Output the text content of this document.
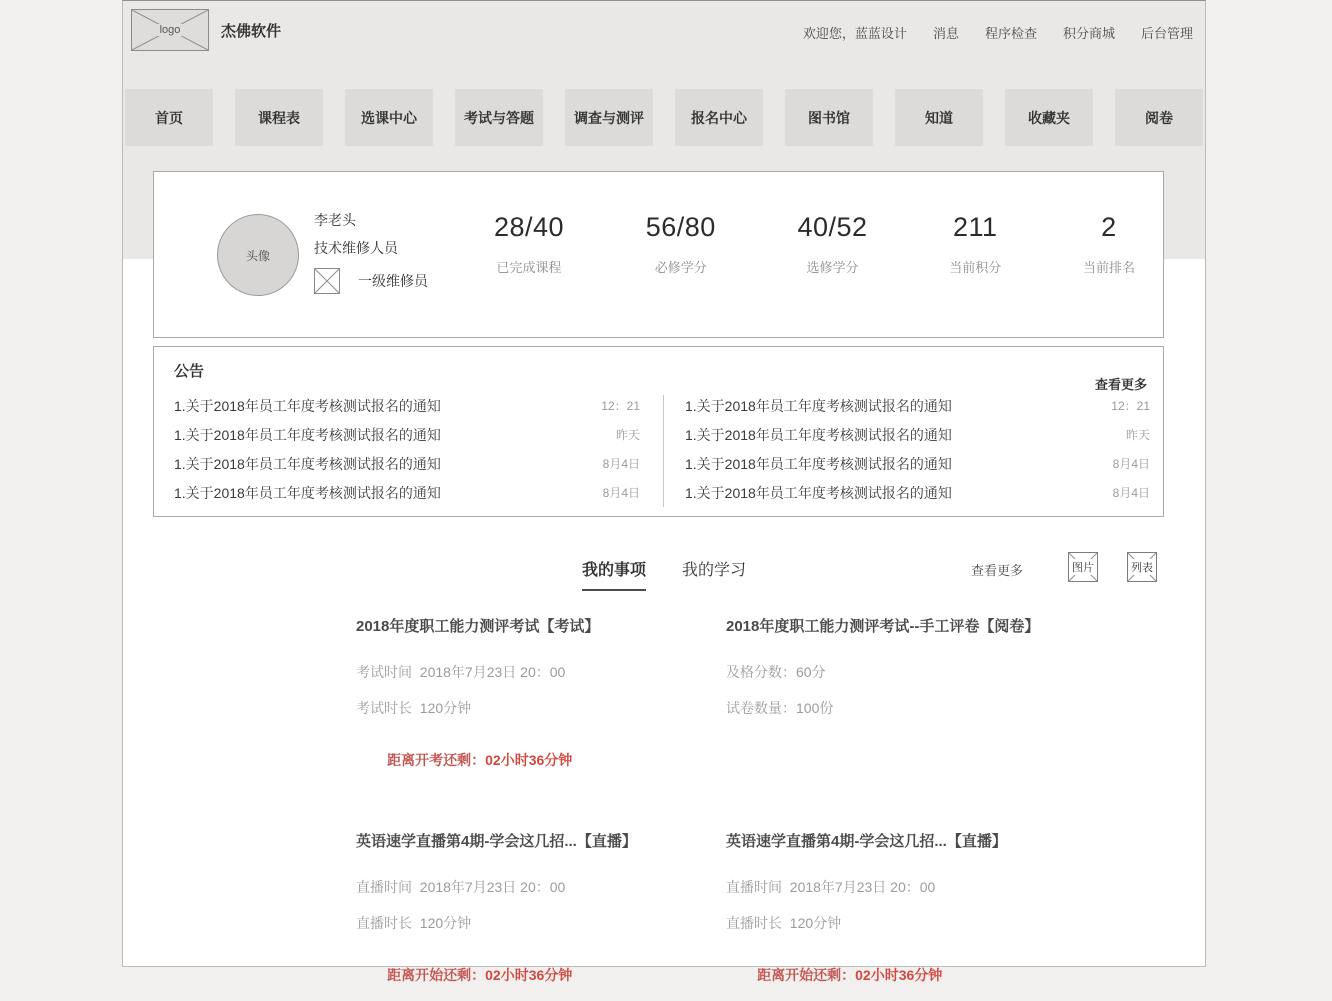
logo	杰佛软件	欢迎您，蓝蓝设计 消息 程序检查 积分商城 后台管理
首页	课程表	选课中心	考试与答题	调查与测评	报名中心	图书馆	知道	收藏夹	阅卷
头像
李老头
技术维修人员
一级维修员
28/40
已完成课程
56/80
必修学分
40/52
选修学分
211
当前积分
2
当前排名
公告
查看更多
1.关于2018年员工年度考核测试报名的通知	12：21
1.关于2018年员工年度考核测试报名的通知	昨天
1.关于2018年员工年度考核测试报名的通知	8月4日
1.关于2018年员工年度考核测试报名的通知	8月4日
1.关于2018年员工年度考核测试报名的通知	12：21
1.关于2018年员工年度考核测试报名的通知	昨天
1.关于2018年员工年度考核测试报名的通知	8月4日
1.关于2018年员工年度考核测试报名的通知	8月4日
我的事项 我的学习	查看更多	图片	列表
2018年度职工能力测评考试【考试】
考试时间  2018年7月23日 20：00
考试时长  120分钟

距离开考还剩：02小时36分钟

2018年度职工能力测评考试--手工评卷【阅卷】
及格分数：60分
试卷数量：100份
英语速学直播第4期-学会这几招...【直播】
直播时间  2018年7月23日 20：00
直播时长  120分钟

距离开始还剩：02小时36分钟

英语速学直播第4期-学会这几招...【直播】
直播时间  2018年7月23日 20：00
直播时长  120分钟

距离开始还剩：02小时36分钟
